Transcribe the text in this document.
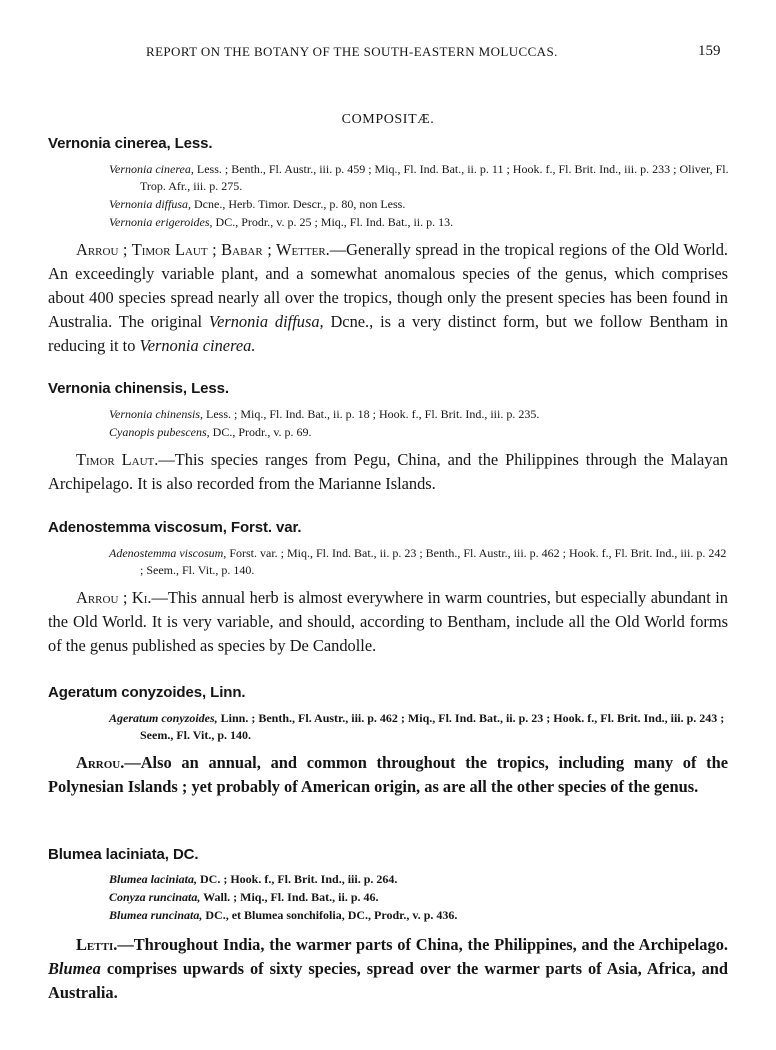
REPORT ON THE BOTANY OF THE SOUTH-EASTERN MOLUCCAS.	159
COMPOSITÆ.
Vernonia cinerea, Less.
Vernonia cinerea, Less. ; Benth., Fl. Austr., iii. p. 459 ; Miq., Fl. Ind. Bat., ii. p. 11 ; Hook. f., Fl. Brit. Ind., iii. p. 233 ; Oliver, Fl. Trop. Afr., iii. p. 275.
Vernonia diffusa, Dcne., Herb. Timor. Descr., p. 80, non Less.
Vernonia erigeroides, DC., Prodr., v. p. 25 ; Miq., Fl. Ind. Bat., ii. p. 13.

Arrou ; Timor Laut ; Babar ; Wetter.—Generally spread in the tropical regions of the Old World. An exceedingly variable plant, and a somewhat anomalous species of the genus, which comprises about 400 species spread nearly all over the tropics, though only the present species has been found in Australia. The original Vernonia diffusa, Dcne., is a very distinct form, but we follow Bentham in reducing it to Vernonia cinerea.

Vernonia chinensis, Less.
Vernonia chinensis, Less. ; Miq., Fl. Ind. Bat., ii. p. 18 ; Hook. f., Fl. Brit. Ind., iii. p. 235.
Cyanopis pubescens, DC., Prodr., v. p. 69.

Timor Laut.—This species ranges from Pegu, China, and the Philippines through the Malayan Archipelago. It is also recorded from the Marianne Islands.

Adenostemma viscosum, Forst. var.
Adenostemma viscosum, Forst. var. ; Miq., Fl. Ind. Bat., ii. p. 23 ; Benth., Fl. Austr., iii. p. 462 ; Hook. f., Fl. Brit. Ind., iii. p. 242 ; Seem., Fl. Vit., p. 140.

Arrou ; Ki.—This annual herb is almost everywhere in warm countries, but especially abundant in the Old World. It is very variable, and should, according to Bentham, include all the Old World forms of the genus published as species by De Candolle.

Ageratum conyzoides, Linn.
Ageratum conyzoides, Linn. ; Benth., Fl. Austr., iii. p. 462 ; Miq., Fl. Ind. Bat., ii. p. 23 ; Hook. f., Fl. Brit. Ind., iii. p. 243 ; Seem., Fl. Vit., p. 140.

Arrou.—Also an annual, and common throughout the tropics, including many of the Polynesian Islands ; yet probably of American origin, as are all the other species of the genus.

Blumea laciniata, DC.
Blumea laciniata, DC. ; Hook. f., Fl. Brit. Ind., iii. p. 264.
Conyza runcinata, Wall. ; Miq., Fl. Ind. Bat., ii. p. 46.
Blumea runcinata, DC., et Blumea sonchifolia, DC., Prodr., v. p. 436.

Letti.—Throughout India, the warmer parts of China, the Philippines, and the Archipelago. Blumea comprises upwards of sixty species, spread over the warmer parts of Asia, Africa, and Australia.
